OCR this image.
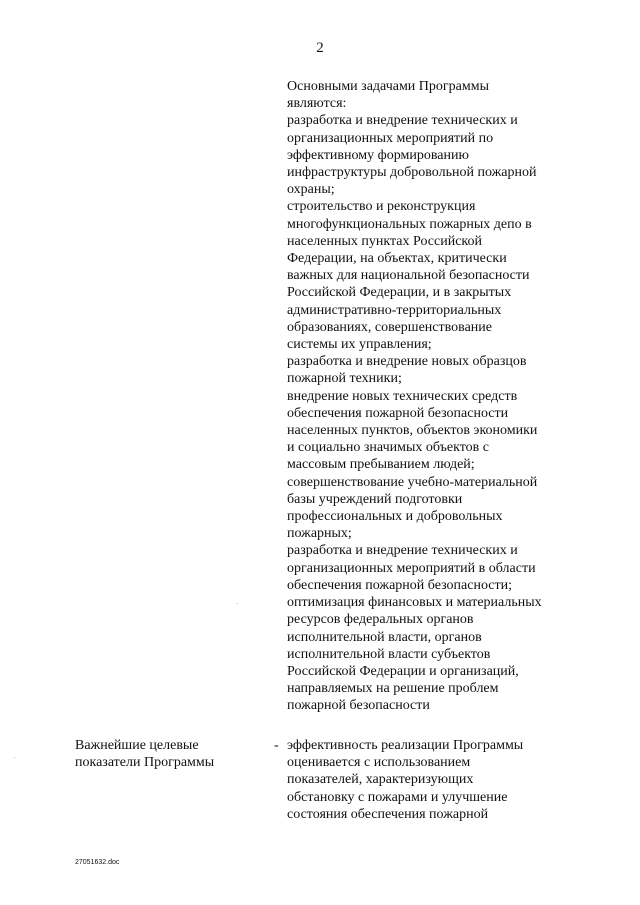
2
Основными задачами Программы
являются:
разработка и внедрение технических и
организационных мероприятий по
эффективному формированию
инфраструктуры добровольной пожарной
охраны;
строительство и реконструкция
многофункциональных пожарных депо в
населенных пунктах Российской
Федерации, на объектах, критически
важных для национальной безопасности
Российской Федерации, и в закрытых
административно-территориальных
образованиях, совершенствование
системы их управления;
разработка и внедрение новых образцов
пожарной техники;
внедрение новых технических средств
обеспечения пожарной безопасности
населенных пунктов, объектов экономики
и социально значимых объектов с
массовым пребыванием людей;
совершенствование учебно-материальной
базы учреждений подготовки
профессиональных и добровольных
пожарных;
разработка и внедрение технических и
организационных мероприятий в области
обеспечения пожарной безопасности;
оптимизация финансовых и материальных
ресурсов федеральных органов
исполнительной власти, органов
исполнительной власти субъектов
Российской Федерации и организаций,
направляемых на решение проблем
пожарной безопасности
Важнейшие целевые
показатели Программы
- эффективность реализации Программы
оценивается с использованием
показателей, характеризующих
обстановку с пожарами и улучшение
состояния обеспечения пожарной
27051632.doc
